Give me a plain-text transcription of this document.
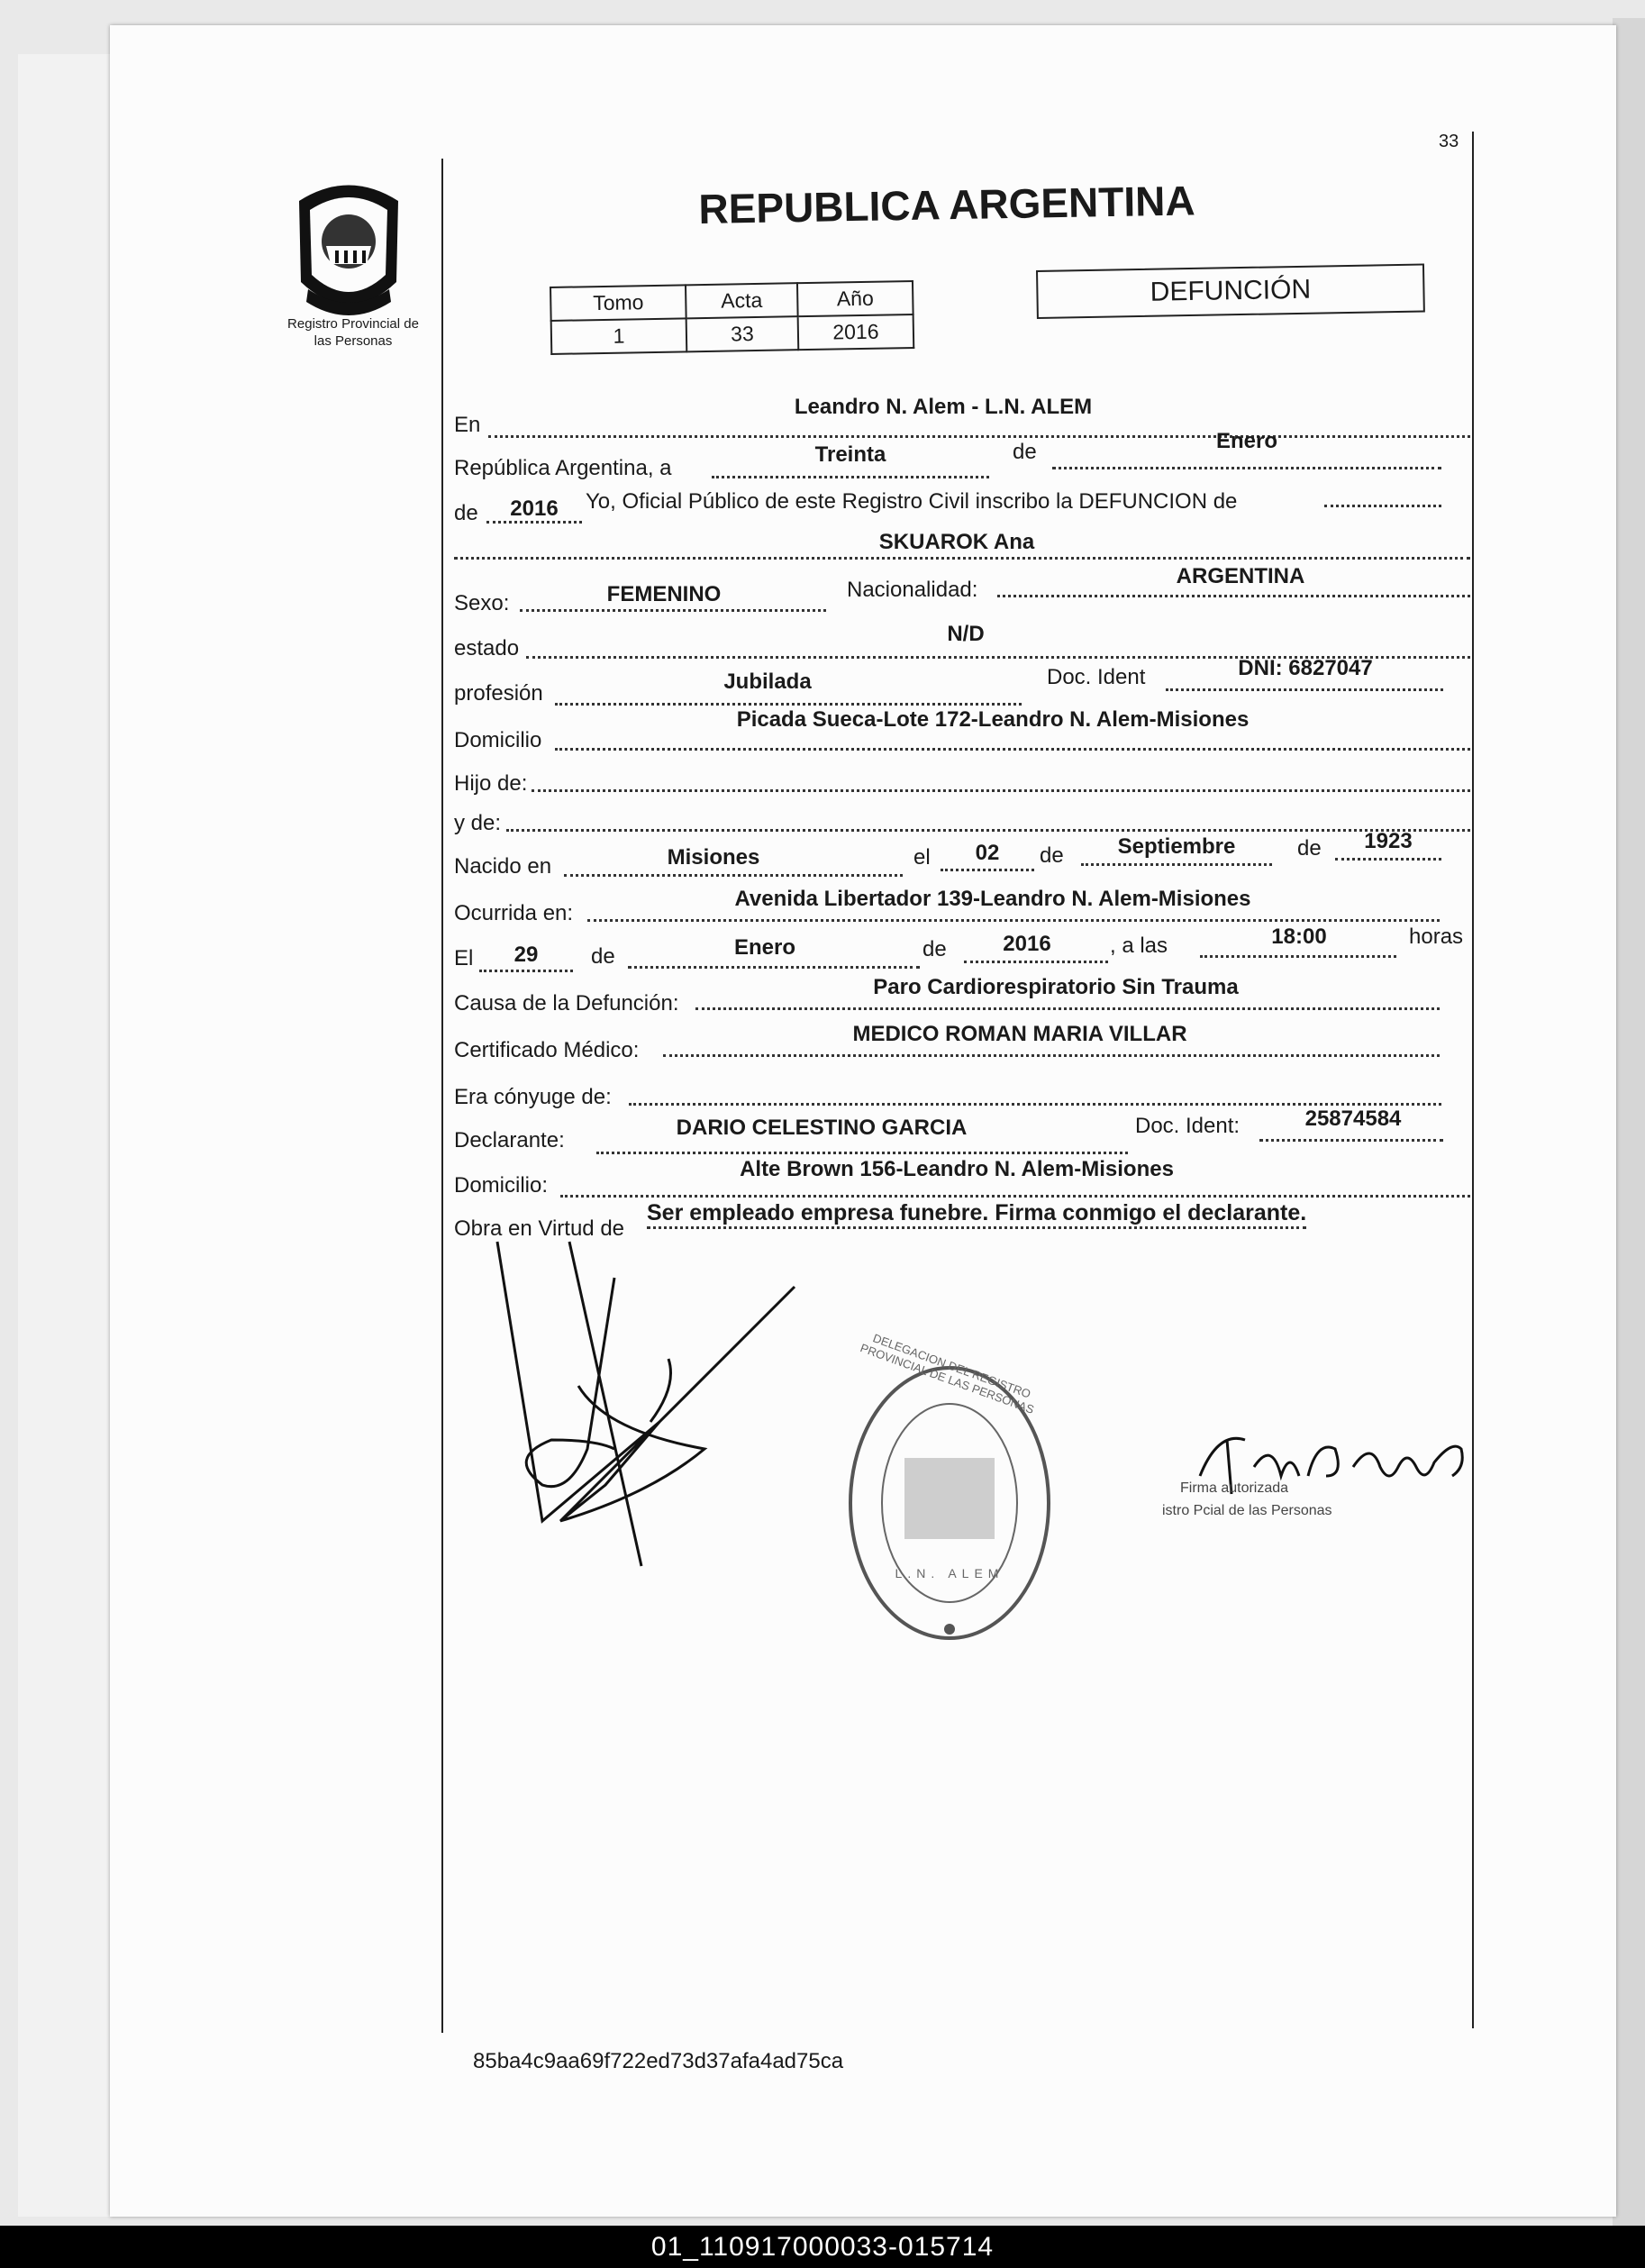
Registro Provincial de
las Personas
33
REPUBLICA ARGENTINA
Tomo	Acta	Año
1	33	2016
DEFUNCIÓN
En
Leandro N. Alem - L.N. ALEM
República Argentina, a
Treinta	de	Enero
de	2016	Yo, Oficial Público de este Registro Civil inscribo la DEFUNCION de
SKUAROK Ana
Sexo:	FEMENINO	Nacionalidad:
ARGENTINA
estado
N/D
profesión	Jubilada	Doc. Ident	DNI: 6827047
Domicilio
Picada Sueca-Lote 172-Leandro N. Alem-Misiones
Hijo de:
y de:
Nacido en	Misiones	el	02	de	Septiembre	de	1923
Ocurrida en:
Avenida Libertador 139-Leandro N. Alem-Misiones
El	29	de	Enero	de	2016	, a las	18:00	horas
Causa de la Defunción:
Paro Cardiorespiratorio Sin Trauma
Certificado Médico:
MEDICO ROMAN MARIA VILLAR
Era cónyuge de:
Declarante:
DARIO CELESTINO GARCIA	Doc. Ident:	25874584
Domicilio:
Alte Brown 156-Leandro N. Alem-Misiones
Obra en Virtud de
Ser empleado empresa funebre. Firma conmigo el declarante.
DELEGACION DEL REGISTRO PROVINCIAL DE LAS PERSONAS
L.N. ALEM
Firma autorizada
istro Pcial de las Personas
85ba4c9aa69f722ed73d37afa4ad75ca
01_110917000033-015714
